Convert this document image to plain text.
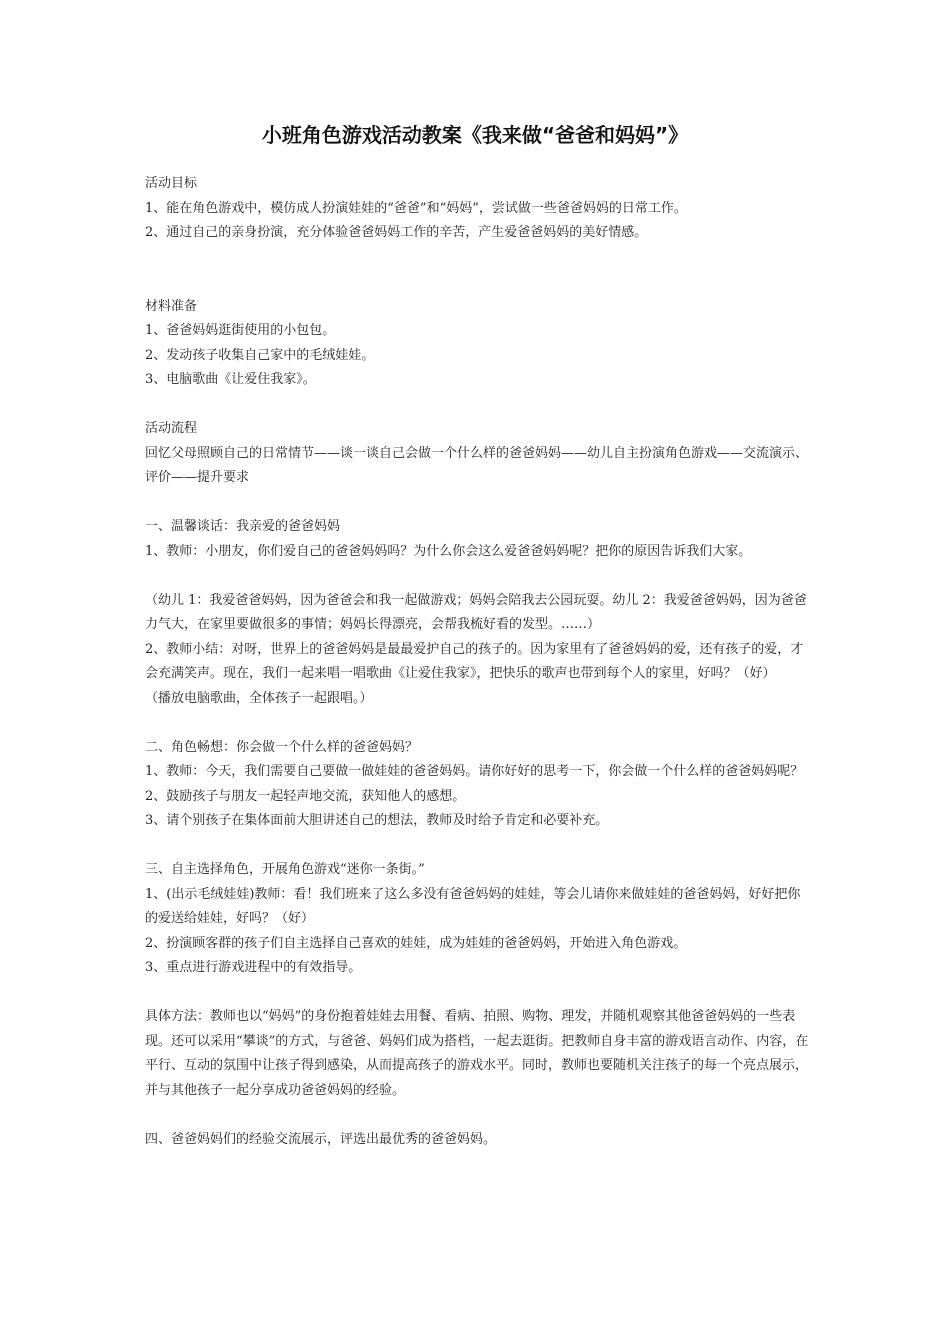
小班角色游戏活动教案《我来做“爸爸和妈妈”》

活动目标

1、能在角色游戏中，模仿成人扮演娃娃的“爸爸”和“妈妈”，尝试做一些爸爸妈妈的日常工作。

2、通过自己的亲身扮演，充分体验爸爸妈妈工作的辛苦，产生爱爸爸妈妈的美好情感。

材料准备

1、爸爸妈妈逛街使用的小包包。

2、发动孩子收集自己家中的毛绒娃娃。

3、电脑歌曲《让爱住我家》。

活动流程

回忆父母照顾自己的日常情节——谈一谈自己会做一个什么样的爸爸妈妈——幼儿自主扮演角色游戏——交流演示、评价——提升要求

一、温馨谈话：我亲爱的爸爸妈妈

1、教师：小朋友，你们爱自己的爸爸妈妈吗？为什么你会这么爱爸爸妈妈呢？把你的原因告诉我们大家。

（幼儿 1：我爱爸爸妈妈，因为爸爸会和我一起做游戏；妈妈会陪我去公园玩耍。幼儿 2：我爱爸爸妈妈，因为爸爸力气大，在家里要做很多的事情；妈妈长得漂亮，会帮我梳好看的发型。……）

2、教师小结：对呀，世界上的爸爸妈妈是最最爱护自己的孩子的。因为家里有了爸爸妈妈的爱，还有孩子的爱，才会充满笑声。现在，我们一起来唱一唱歌曲《让爱住我家》，把快乐的歌声也带到每个人的家里，好吗？（好）

（播放电脑歌曲，全体孩子一起跟唱。）

二、角色畅想：你会做一个什么样的爸爸妈妈？

1、教师：今天，我们需要自己要做一做娃娃的爸爸妈妈。请你好好的思考一下，你会做一个什么样的爸爸妈妈呢？

2、鼓励孩子与朋友一起轻声地交流，获知他人的感想。

3、请个别孩子在集体面前大胆讲述自己的想法，教师及时给予肯定和必要补充。

三、自主选择角色，开展角色游戏“迷你一条街。”

1、(出示毛绒娃娃)教师：看！我们班来了这么多没有爸爸妈妈的娃娃，等会儿请你来做娃娃的爸爸妈妈，好好把你的爱送给娃娃，好吗？（好）

2、扮演顾客群的孩子们自主选择自己喜欢的娃娃，成为娃娃的爸爸妈妈，开始进入角色游戏。

3、重点进行游戏进程中的有效指导。

具体方法：教师也以“妈妈”的身份抱着娃娃去用餐、看病、拍照、购物、理发，并随机观察其他爸爸妈妈的一些表现。还可以采用“攀谈”的方式，与爸爸、妈妈们成为搭档，一起去逛街。把教师自身丰富的游戏语言动作、内容，在平行、互动的氛围中让孩子得到感染，从而提高孩子的游戏水平。同时，教师也要随机关注孩子的每一个亮点展示，并与其他孩子一起分享成功爸爸妈妈的经验。

四、爸爸妈妈们的经验交流展示，评选出最优秀的爸爸妈妈。
